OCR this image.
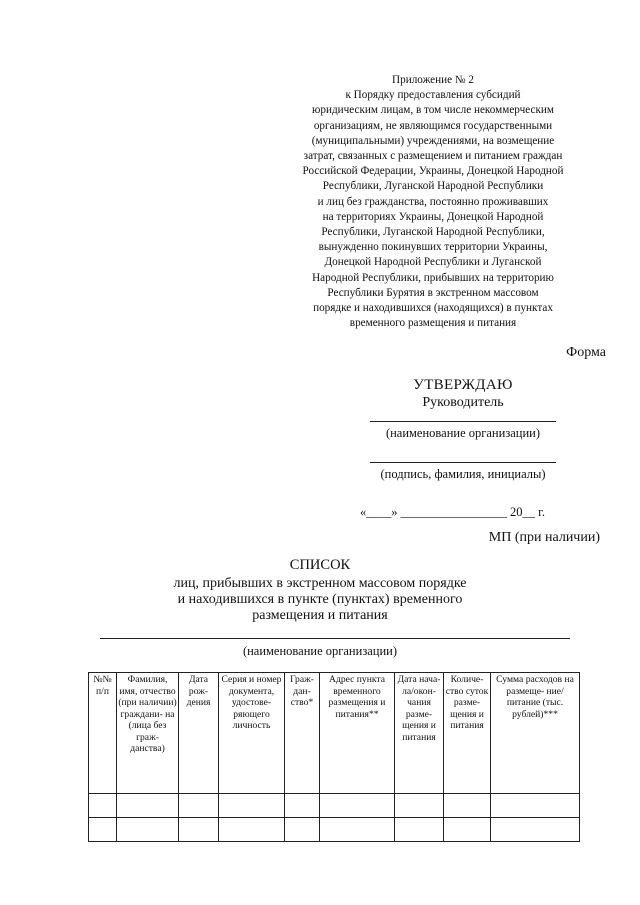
Приложение № 2
к Порядку предоставления субсидий
юридическим лицам, в том числе некоммерческим
организациям, не являющимся государственными
(муниципальными) учреждениями, на возмещение
затрат, связанных с размещением и питанием граждан
Российской Федерации, Украины, Донецкой Народной
Республики, Луганской Народной Республики
и лиц без гражданства, постоянно проживавших
на территориях Украины, Донецкой Народной
Республики, Луганской Народной Республики,
вынужденно покинувших территории Украины,
Донецкой Народной Республики и Луганской
Народной Республики, прибывших на территорию
Республики Бурятия в экстренном массовом
порядке и находившихся (находящихся) в пунктах
временного размещения и питания
Форма
УТВЕРЖДАЮ
Руководитель
(наименование организации)
(подпись, фамилия, инициалы)
«____» _________________ 20__ г.
МП (при наличии)
СПИСОК
лиц, прибывших в экстренном массовом порядке
и находившихся в пункте (пунктах) временного
размещения и питания
(наименование организации)
№№ п/п	Фамилия, имя, отчество (при наличии) граждани- на (лица без граж- данства)	Дата рож- дения	Серия и номер документа, удостове- ряющего личность	Граж- дан- ство*	Адрес пункта временного размещения и питания**	Дата нача- ла/окон- чания разме- щения и питания	Количе- ство суток разме- щения и питания	Сумма расходов на размеще- ние/питание (тыс. рублей)***
